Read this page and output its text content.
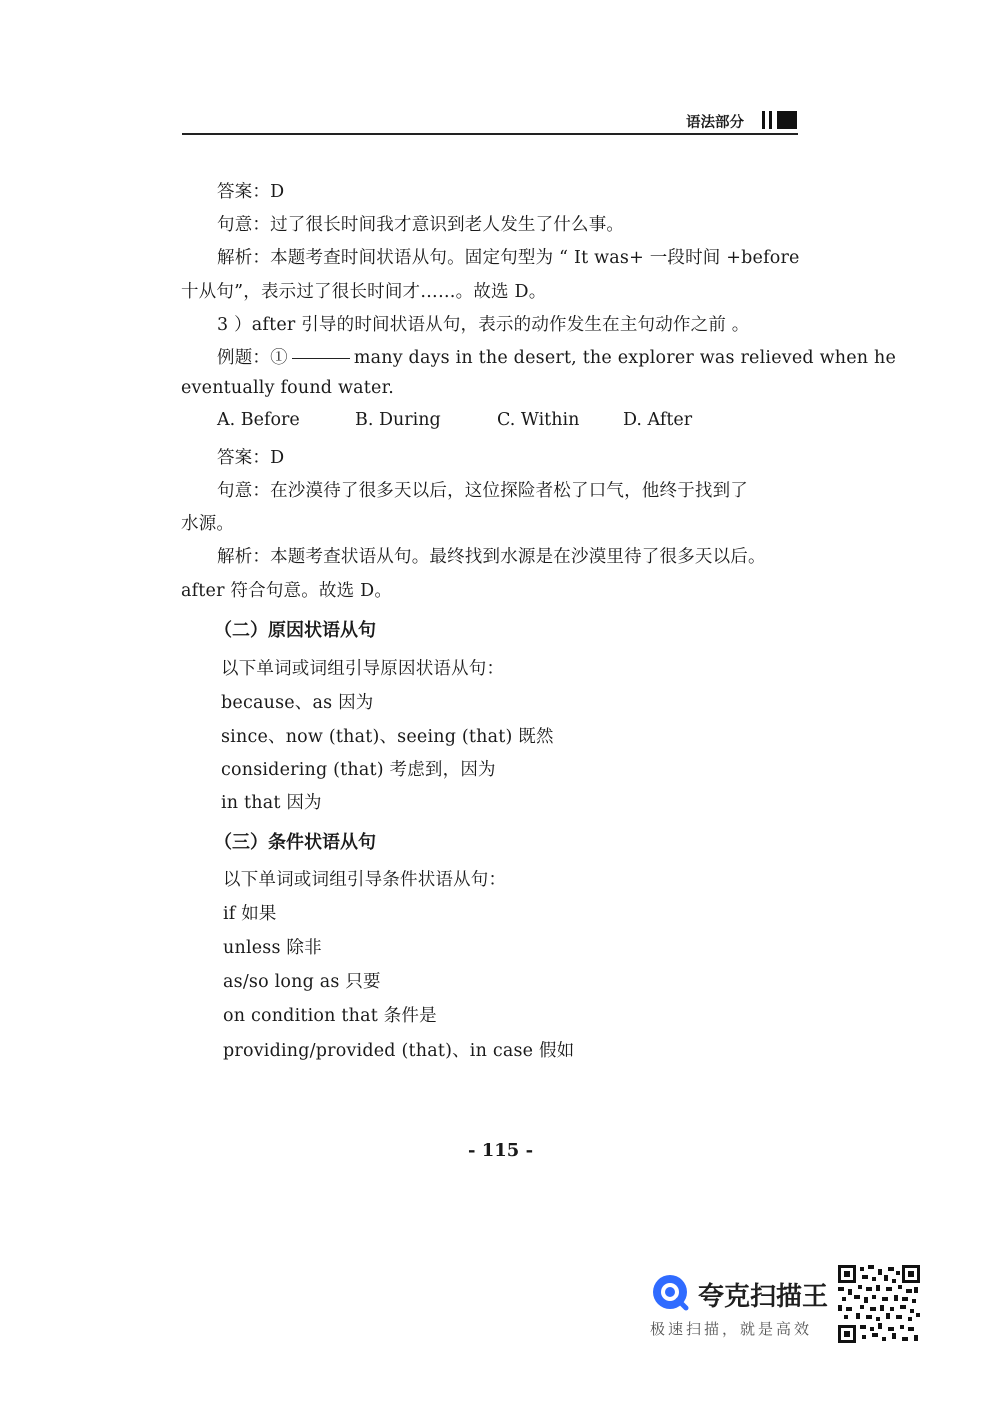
语法部分
答案：D
句意：过了很长时间我才意识到老人发生了什么事。
解析：本题考查时间状语从句。固定句型为 “ It was+ 一段时间 +before
十从句”，表示过了很长时间才……。故选 D。
3 ）after 引导的时间状语从句，表示的动作发生在主句动作之前 。
例题：①	many days in the desert, the explorer was relieved when he
eventually found water.
A. Before	B. During	C. Within D. After
答案：D
句意：在沙漠待了很多天以后，这位探险者松了口气，他终于找到了
水源。
解析：本题考查状语从句。最终找到水源是在沙漠里待了很多天以后。
after 符合句意。故选 D。
（二）原因状语从句
以下单词或词组引导原因状语从句：
because、as 因为
since、now (that)、seeing (that) 既然
considering (that) 考虑到，因为
in that 因为
（三）条件状语从句
以下单词或词组引导条件状语从句：
if 如果
unless 除非
as/so long as 只要
on condition that 条件是
providing/provided (that)、in case 假如
- 115 -
夸克扫描王
极速扫描，就是高效
